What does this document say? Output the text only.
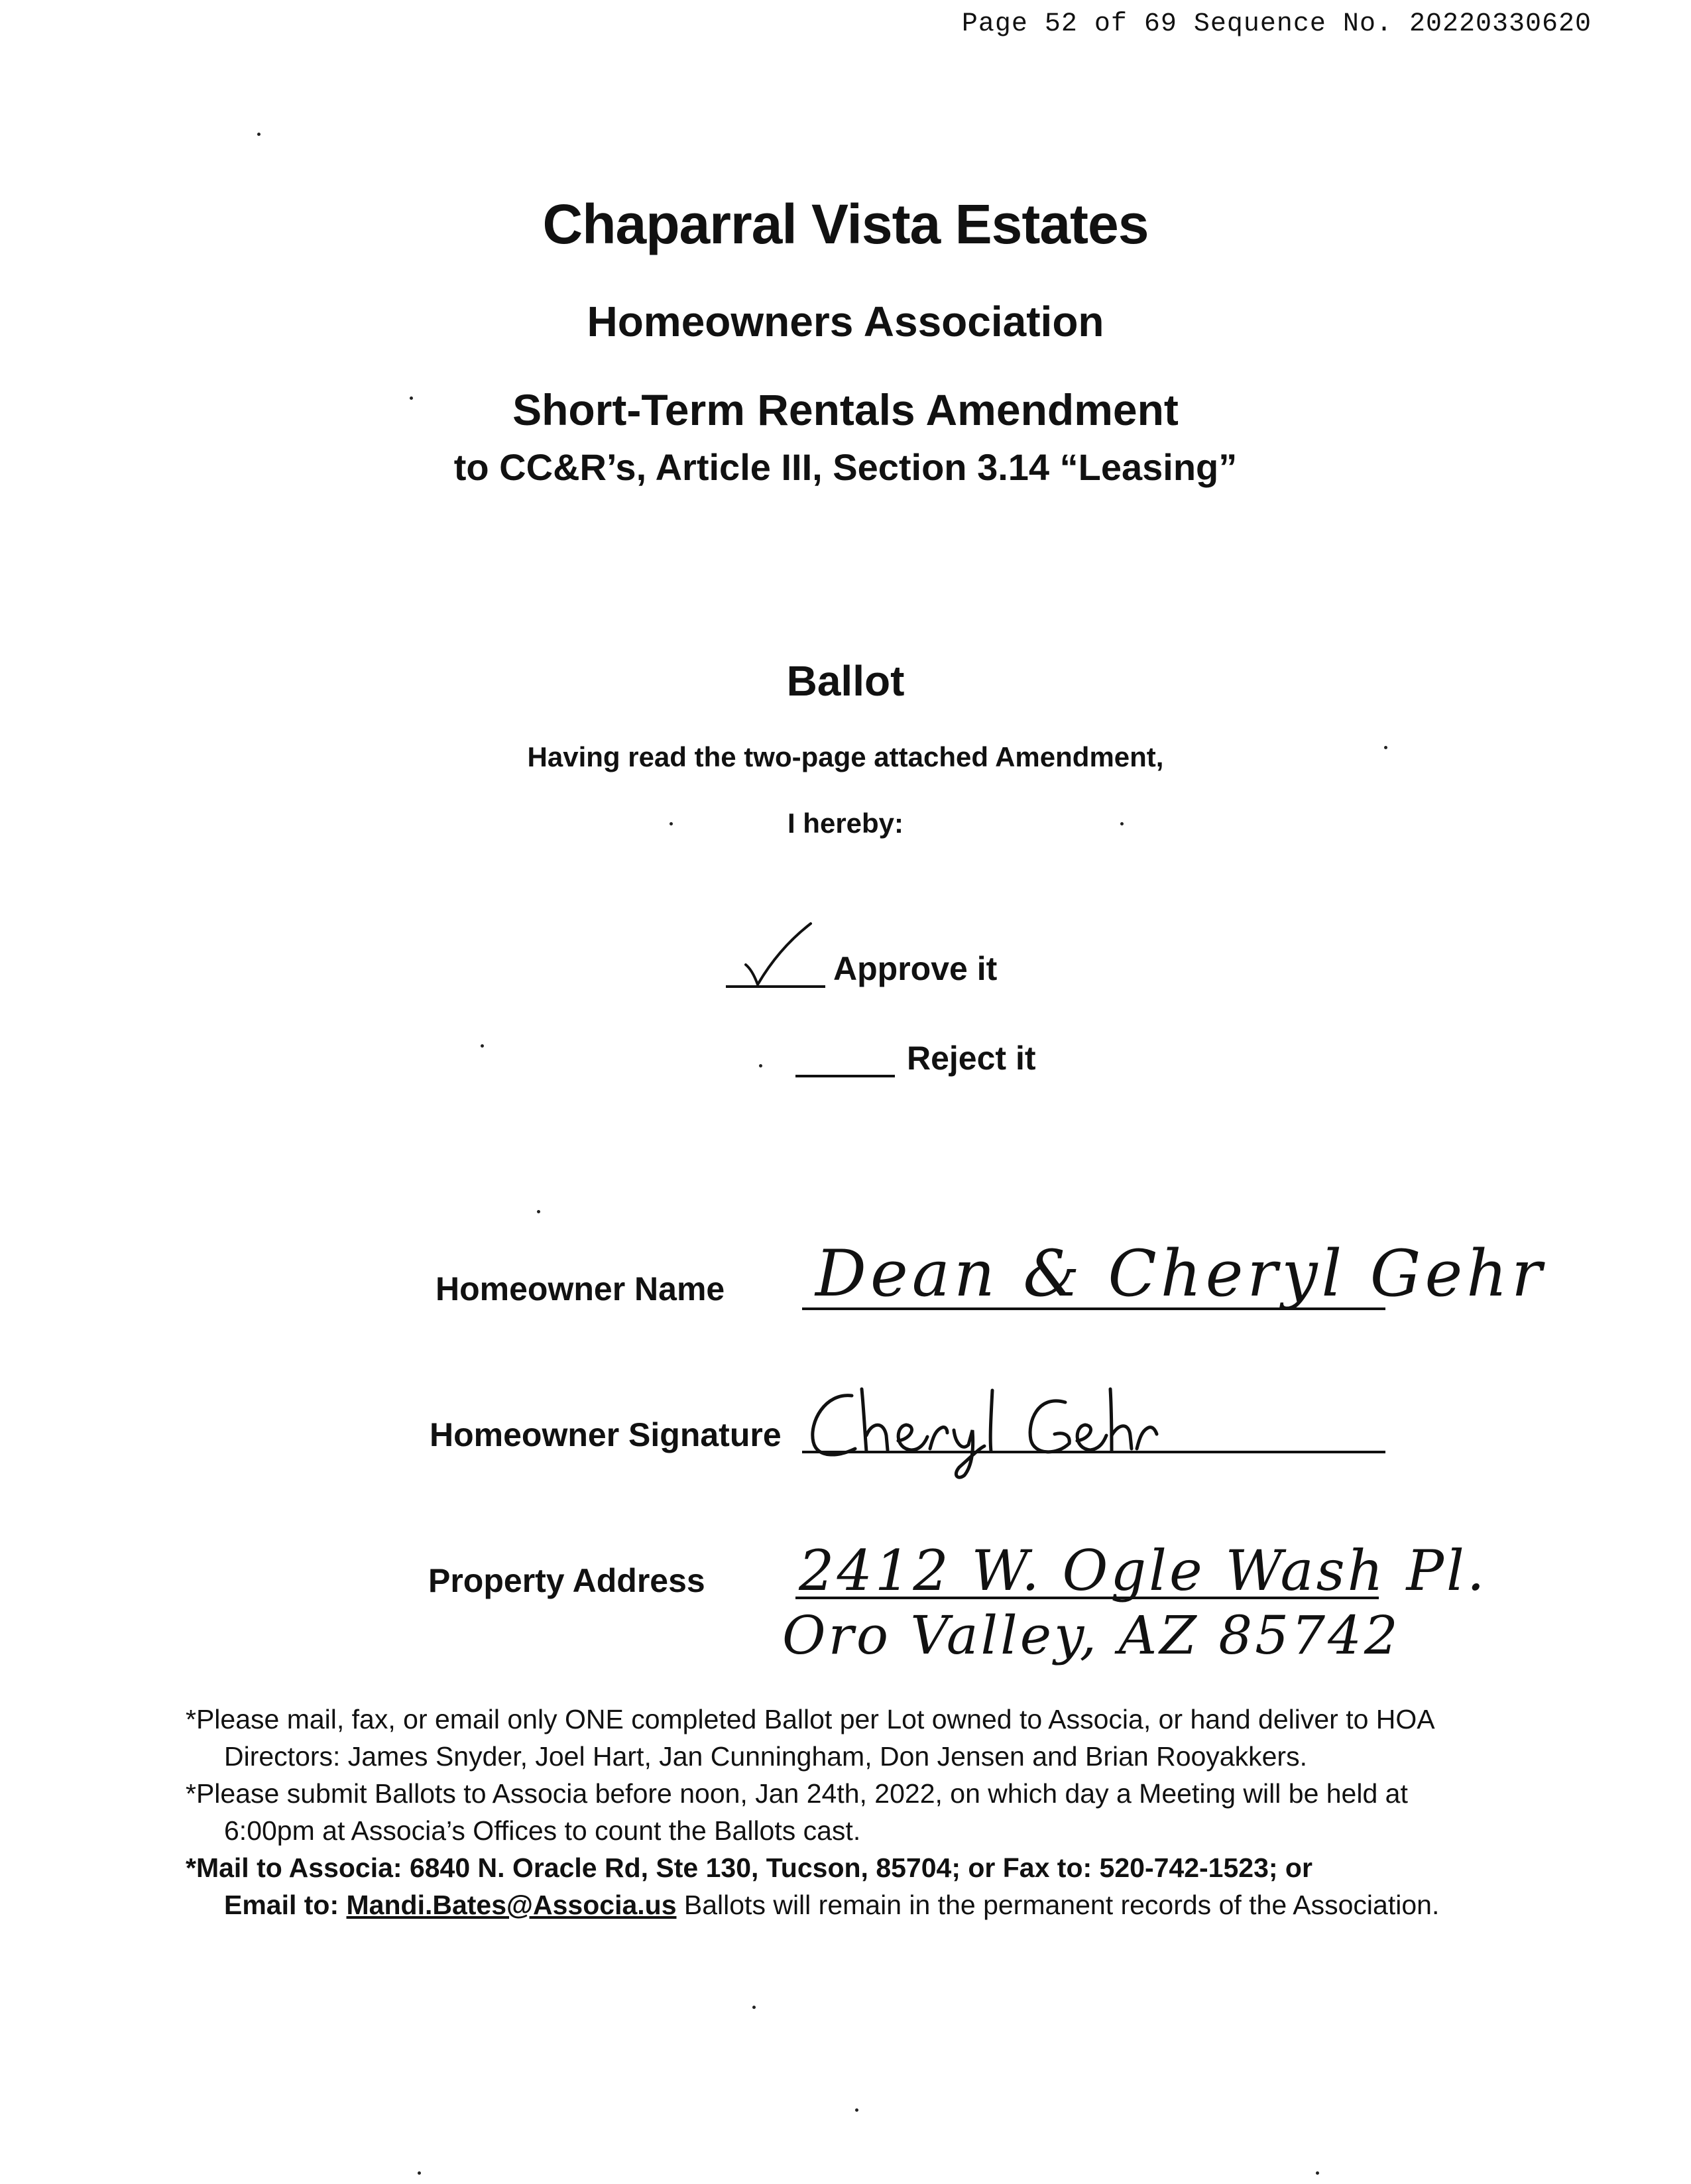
Page 52 of 69 Sequence No. 20220330620
Chaparral Vista Estates
Homeowners Association
Short-Term Rentals Amendment
to CC&R’s, Article III, Section 3.14 “Leasing”
Ballot
Having read the two-page attached Amendment,
I hereby:
Approve it
Reject it
Homeowner Name Dean & Cheryl Gehr
Homeowner Signature
Property Address 2412 W. Ogle Wash Pl.
Oro Valley, AZ 85742

*Please mail, fax, or email only ONE completed Ballot per Lot owned to Associa, or hand deliver to HOA
Directors: James Snyder, Joel Hart, Jan Cunningham, Don Jensen and Brian Rooyakkers.

*Please submit Ballots to Associa before noon, Jan 24th, 2022, on which day a Meeting will be held at
6:00pm at Associa’s Offices to count the Ballots cast.

*Mail to Associa: 6840 N. Oracle Rd, Ste 130, Tucson, 85704; or Fax to: 520-742-1523; or
Email to: Mandi.Bates@Associa.us Ballots will remain in the permanent records of the Association.
